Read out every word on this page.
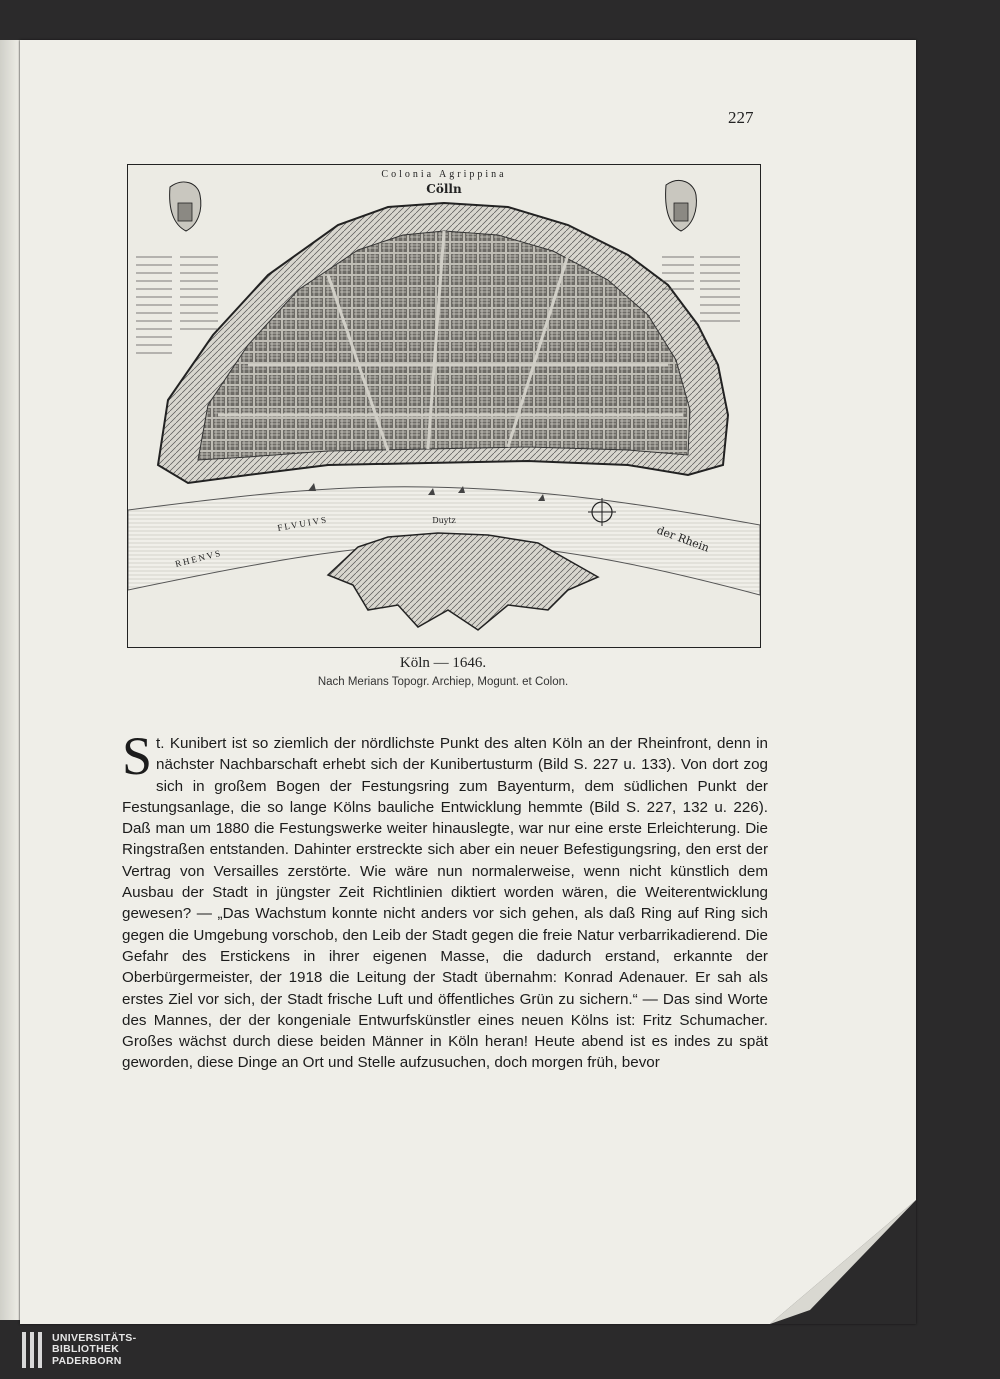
227
Colonia Agrippina
Cölln
RHENVS
FLVUIVS
der Rhein
Duytz
Köln — 1646.
Nach Merians Topogr. Archiep, Mogunt. et Colon.
St. Kunibert ist so ziemlich der nördlichste Punkt des alten Köln an der Rheinfront, denn in nächster Nachbarschaft erhebt sich der Kunibertusturm (Bild S. 227 u. 133). Von dort zog sich in großem Bogen der Festungsring zum Bayenturm, dem südlichen Punkt der Festungsanlage, die so lange Kölns bauliche Entwicklung hemmte (Bild S. 227, 132 u. 226). Daß man um 1880 die Festungswerke weiter hinauslegte, war nur eine erste Erleichterung. Die Ringstraßen entstanden. Dahinter erstreckte sich aber ein neuer Befestigungsring, den erst der Vertrag von Versailles zerstörte. Wie wäre nun normalerweise, wenn nicht künstlich dem Ausbau der Stadt in jüngster Zeit Richtlinien diktiert worden wären, die Weiterentwicklung gewesen? — „Das Wachstum konnte nicht anders vor sich gehen, als daß Ring auf Ring sich gegen die Umgebung vorschob, den Leib der Stadt gegen die freie Natur verbarrikadierend. Die Gefahr des Erstickens in ihrer eigenen Masse, die dadurch erstand, erkannte der Oberbürgermeister, der 1918 die Leitung der Stadt übernahm: Konrad Adenauer. Er sah als erstes Ziel vor sich, der Stadt frische Luft und öffentliches Grün zu sichern.“ — Das sind Worte des Mannes, der der kongeniale Entwurfskünstler eines neuen Kölns ist: Fritz Schumacher. Großes wächst durch diese beiden Männer in Köln heran! Heute abend ist es indes zu spät geworden, diese Dinge an Ort und Stelle aufzusuchen, doch morgen früh, bevor
UNIVERSITÄTS-
BIBLIOTHEK
PADERBORN
